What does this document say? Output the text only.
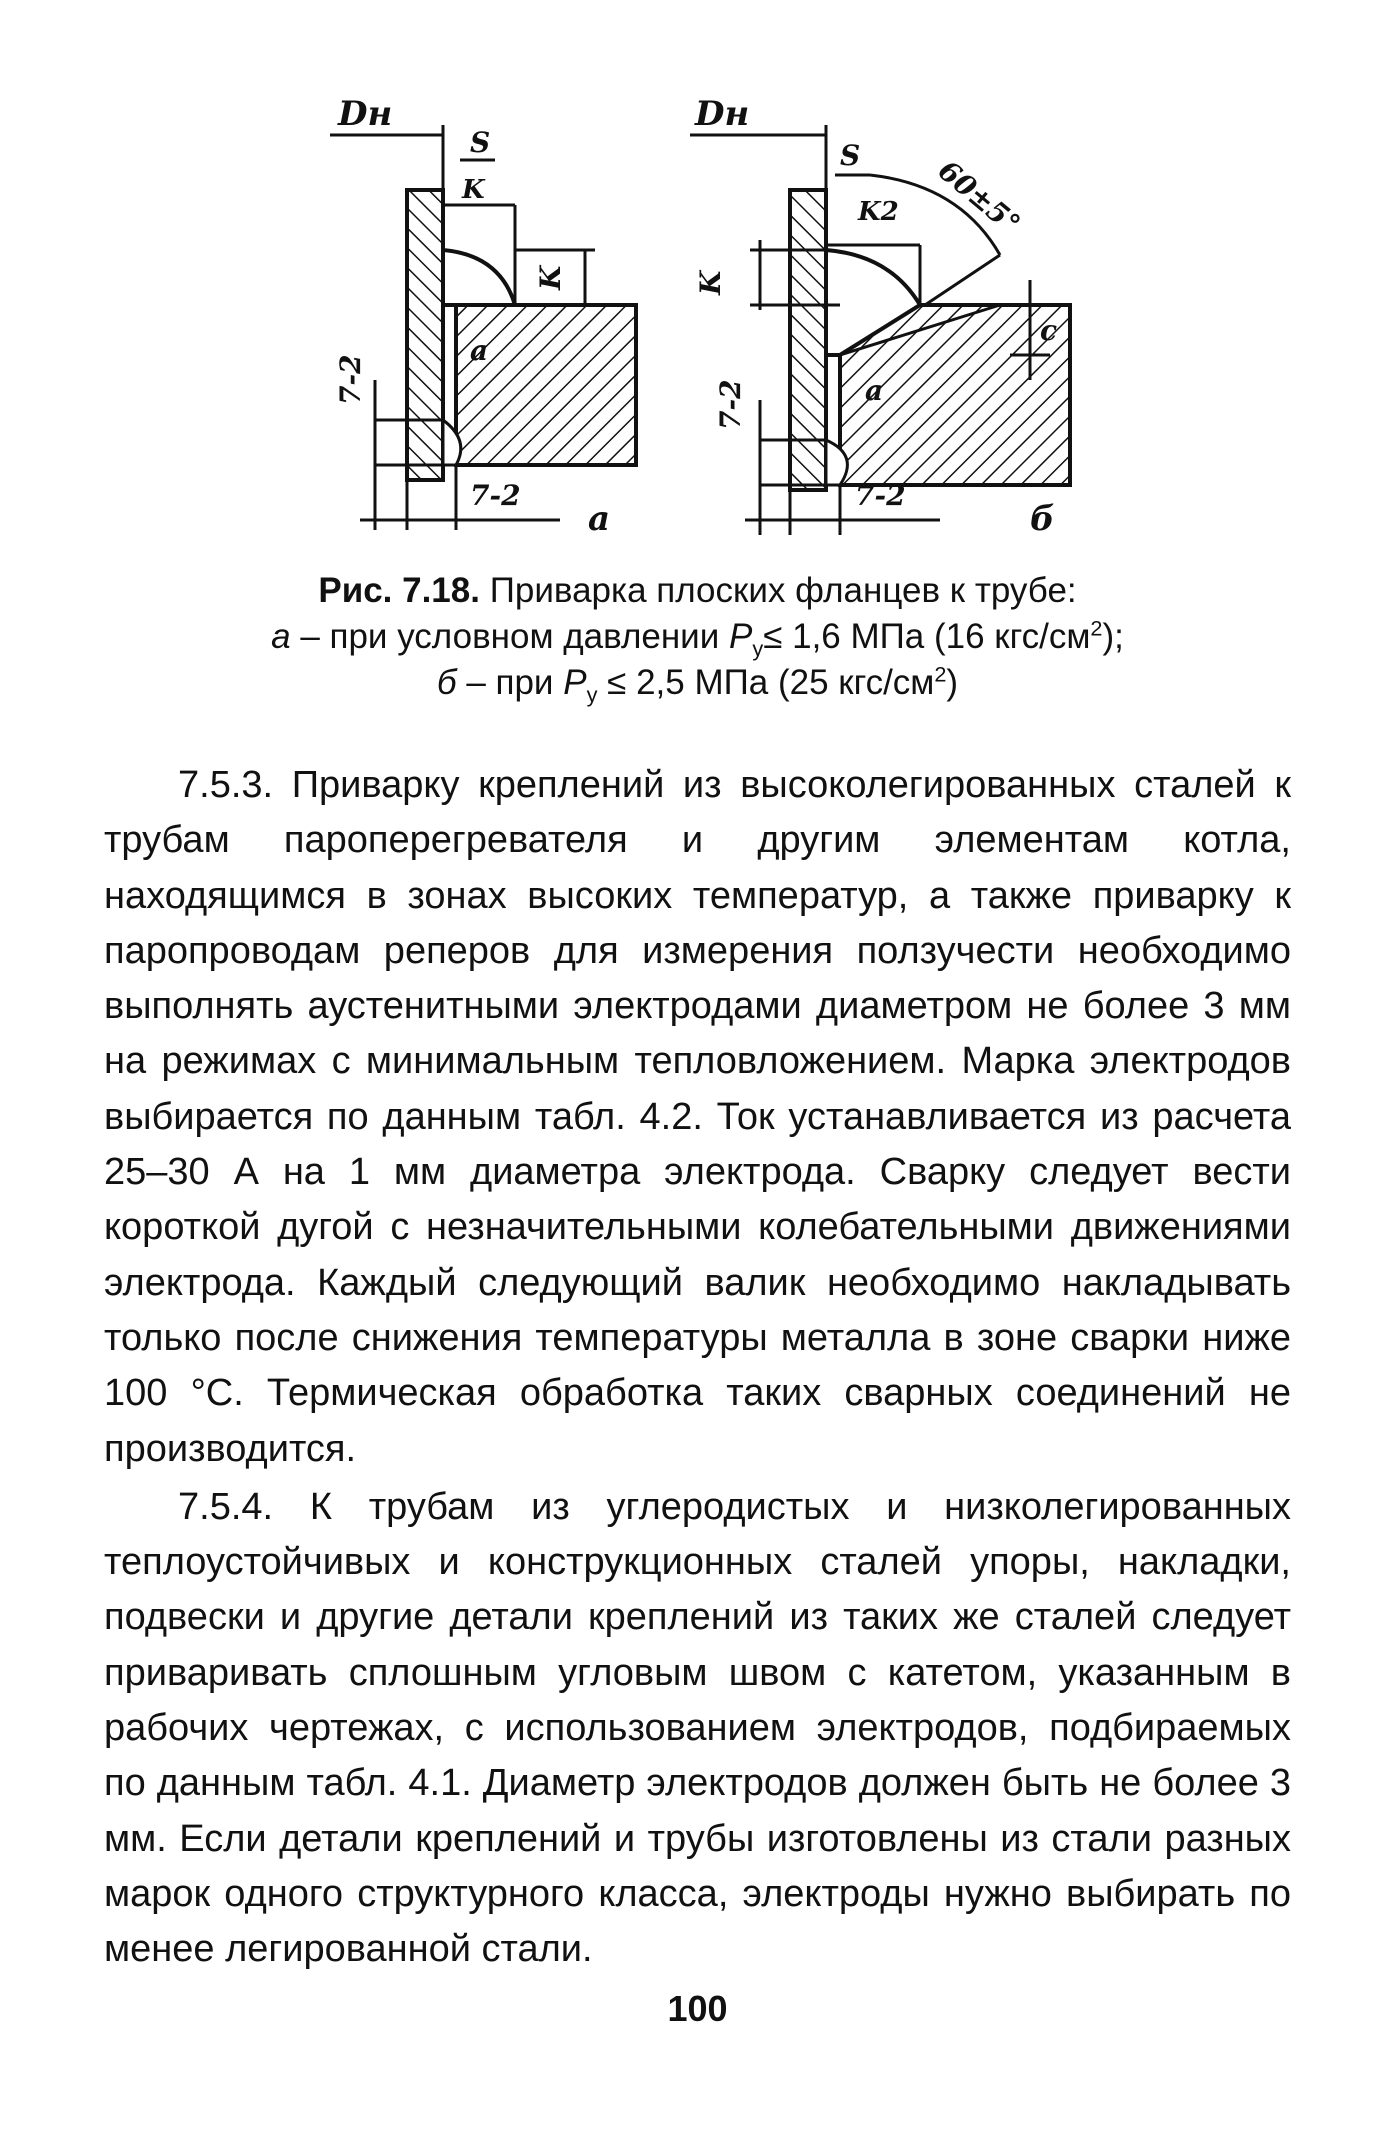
Dн
S
K
K
a
7-2
7-2
а
Dн
S
K2
K
60±5°
c
a
7-2
7-2
б
Рис. 7.18. Приварка плоских фланцев к трубе:
а – при условном давлении $P_у\le 1,6$ МПа (16 кгс/$см^2$);
б – при $P_у \le 2,5$ МПа (25 кгс/$см^2$)

7.5.3. Приварку креплений из высоколегированных сталей к трубам пароперегревателя и другим элементам котла, находящимся в зонах высоких температур, а также приварку к паропроводам реперов для измерения ползучести необходимо выполнять аустенитными электродами диаметром не более 3 мм на режимах с минимальным тепловложением. Марка электродов выбирается по данным табл. 4.2. Ток устанавливается из расчета 25–30 А на 1 мм диаметра электрода. Сварку следует вести короткой дугой с незначительными колебательными движениями электрода. Каждый следующий валик необходимо накладывать только после снижения температуры металла в зоне сварки ниже 100 °С. Термическая обработка таких сварных соединений не производится.

7.5.4. К трубам из углеродистых и низколегированных теплоустойчивых и конструкционных сталей упоры, накладки, подвески и другие детали креплений из таких же сталей следует приваривать сплошным угловым швом с катетом, указанным в рабочих чертежах, с использованием электродов, подбираемых по данным табл. 4.1. Диаметр электродов должен быть не более 3 мм. Если детали креплений и трубы изготовлены из стали разных марок одного структурного класса, электроды нужно выбирать по менее легированной стали.

100
